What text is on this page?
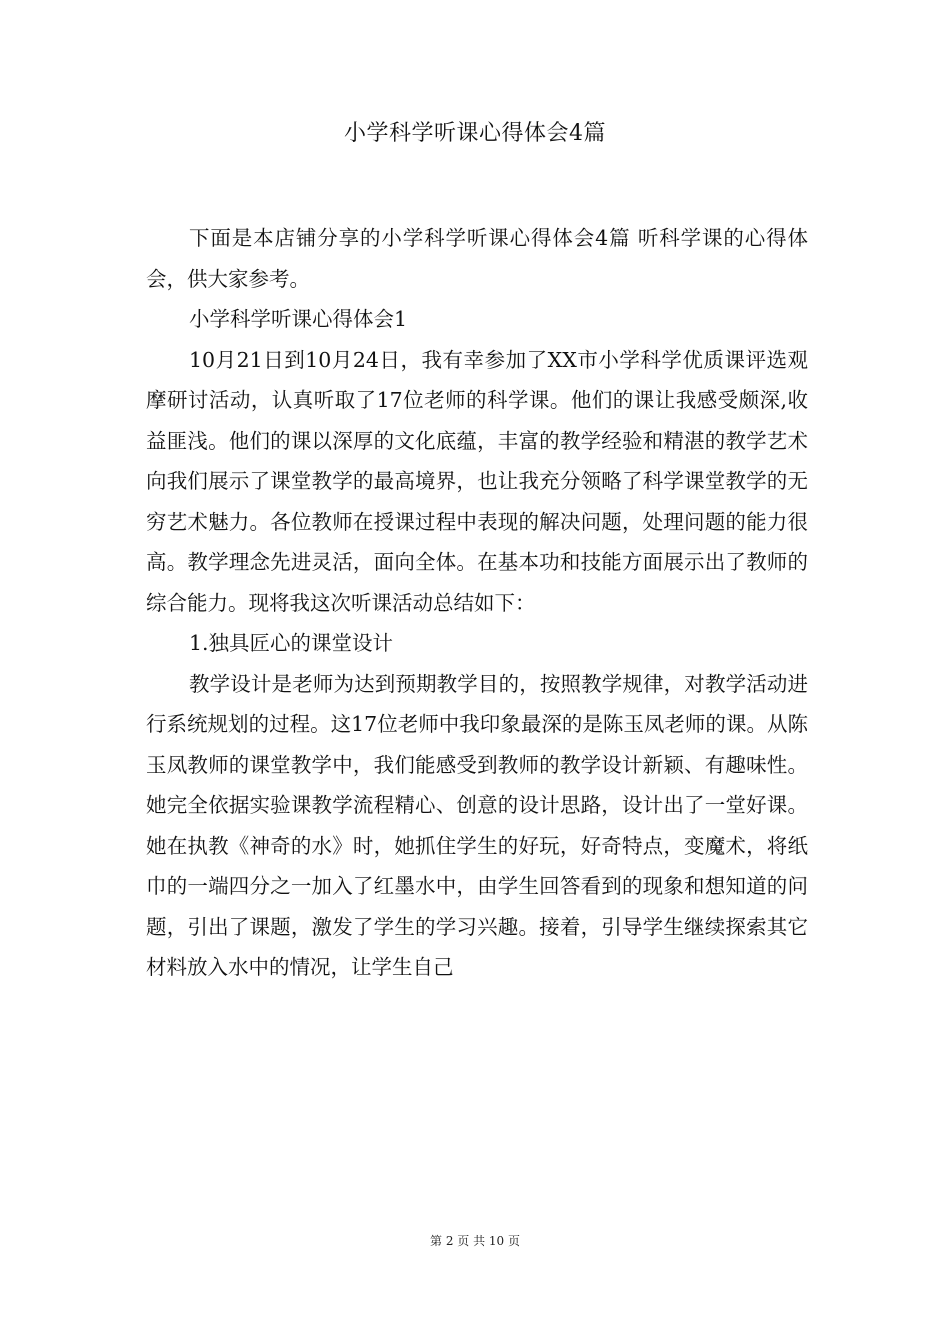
小学科学听课心得体会4篇

下面是本店铺分享的小学科学听课心得体会4篇 听科学课的心得体会，供大家参考。

小学科学听课心得体会1

10月21日到10月24日，我有幸参加了XX市小学科学优质课评选观摩研讨活动，认真听取了17位老师的科学课。他们的课让我感受颇深,收益匪浅。他们的课以深厚的文化底蕴，丰富的教学经验和精湛的教学艺术向我们展示了课堂教学的最高境界，也让我充分领略了科学课堂教学的无穷艺术魅力。各位教师在授课过程中表现的解决问题，处理问题的能力很高。教学理念先进灵活，面向全体。在基本功和技能方面展示出了教师的综合能力。现将我这次听课活动总结如下：

1.独具匠心的课堂设计

教学设计是老师为达到预期教学目的，按照教学规律，对教学活动进行系统规划的过程。这17位老师中我印象最深的是陈玉凤老师的课。从陈玉凤教师的课堂教学中，我们能感受到教师的教学设计新颖、有趣味性。她完全依据实验课教学流程精心、创意的设计思路，设计出了一堂好课。她在执教《神奇的水》时，她抓住学生的好玩，好奇特点，变魔术，将纸巾的一端四分之一加入了红墨水中，由学生回答看到的现象和想知道的问题，引出了课题，激发了学生的学习兴趣。接着，引导学生继续探索其它材料放入水中的情况，让学生自己

第 2 页 共 10 页
